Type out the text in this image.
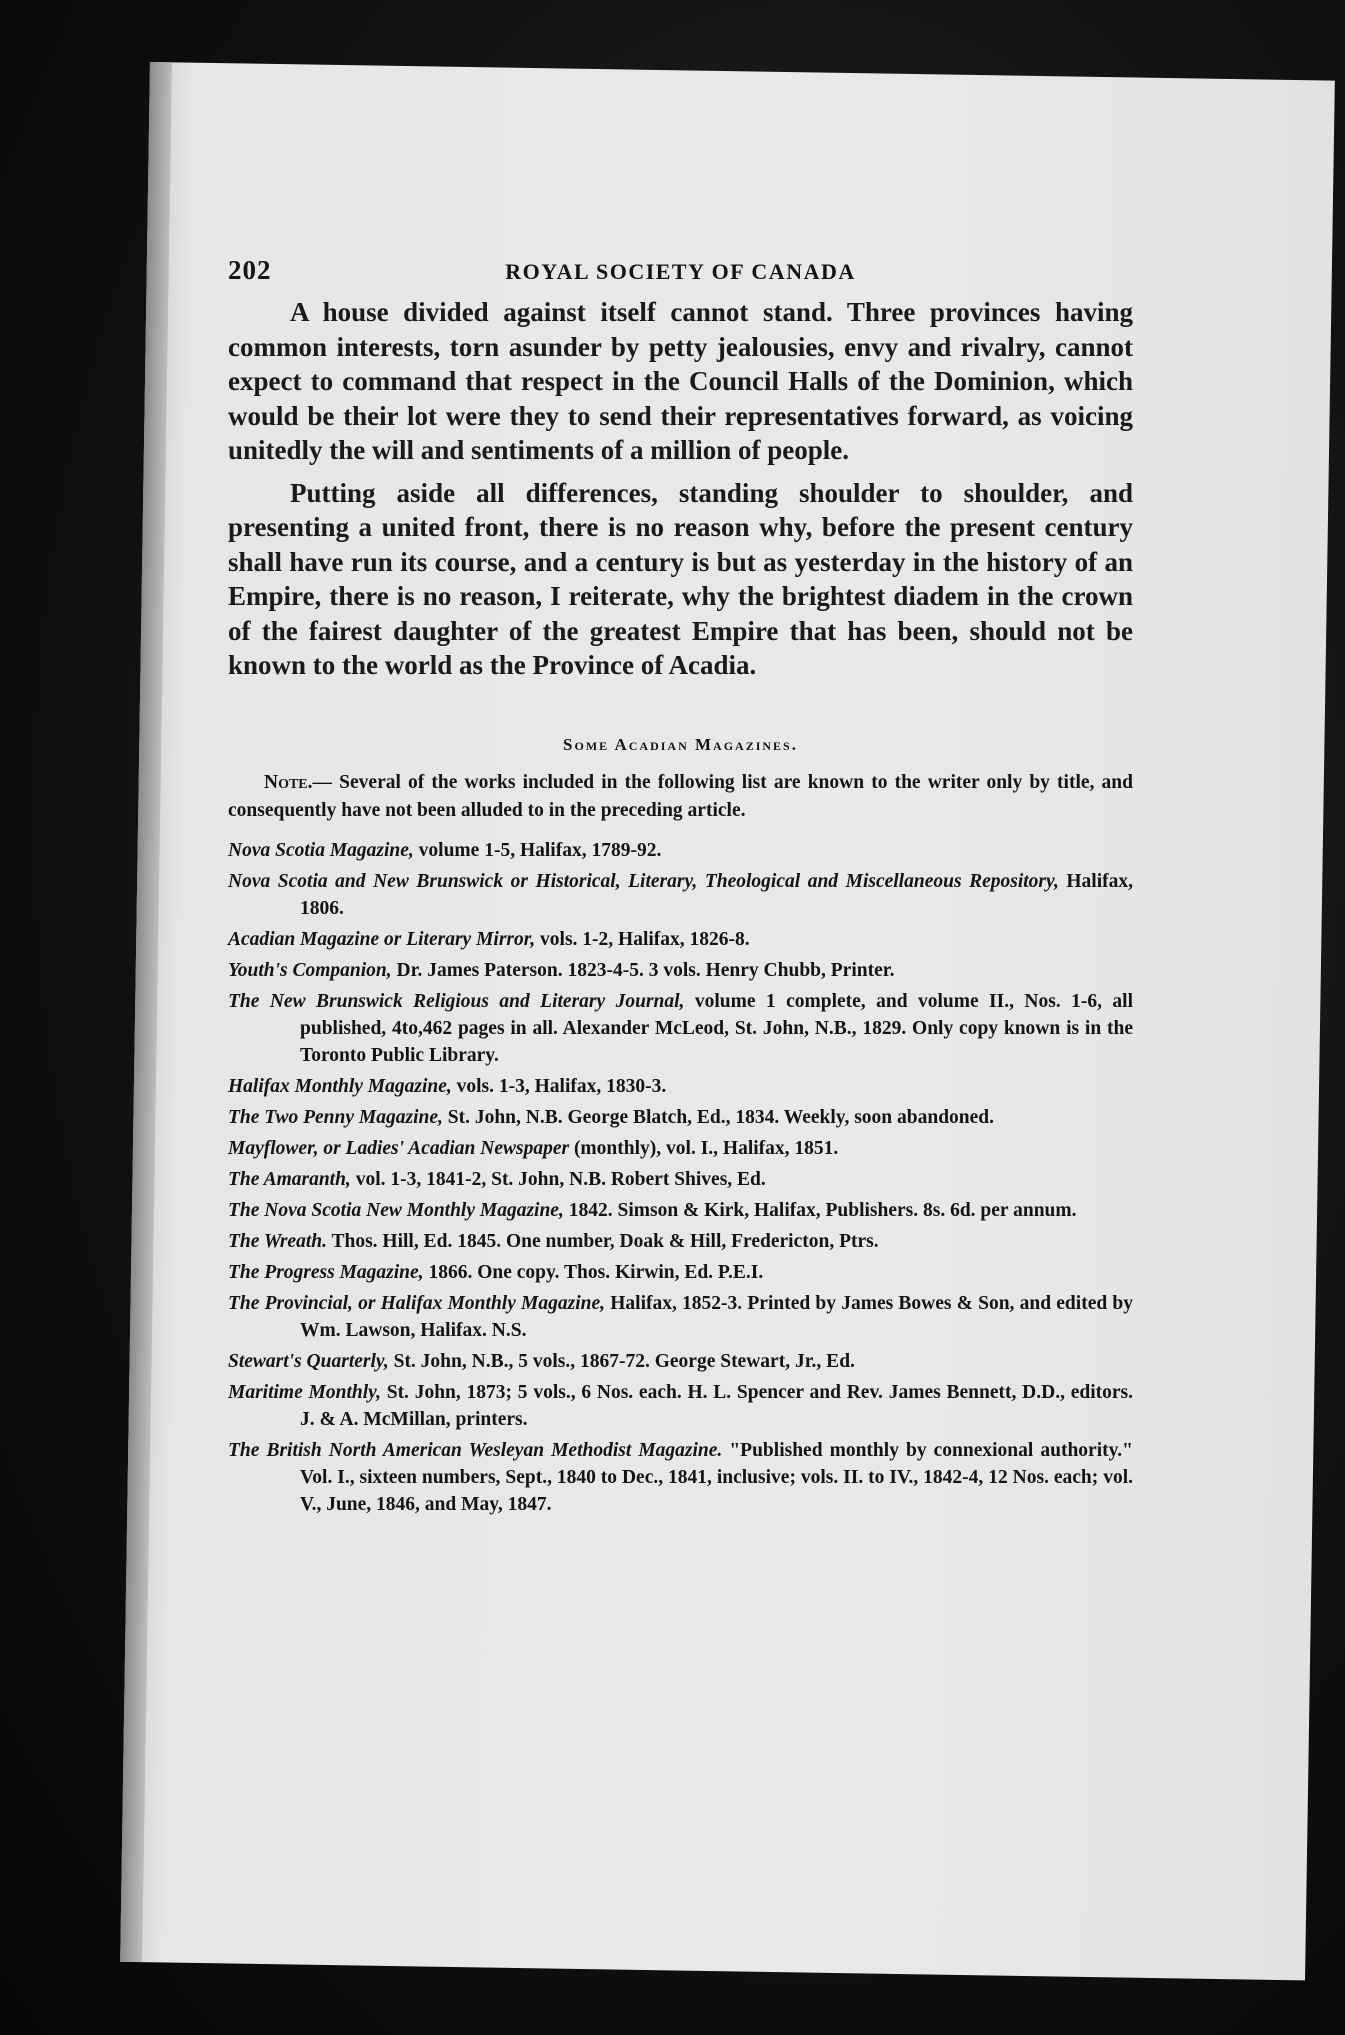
202	ROYAL SOCIETY OF CANADA

A house divided against itself cannot stand. Three provinces having common interests, torn asunder by petty jealousies, envy and rivalry, cannot expect to command that respect in the Council Halls of the Dominion, which would be their lot were they to send their representatives forward, as voicing unitedly the will and sentiments of a million of people.

Putting aside all differences, standing shoulder to shoulder, and presenting a united front, there is no reason why, before the present century shall have run its course, and a century is but as yesterday in the history of an Empire, there is no reason, I reiterate, why the brightest diadem in the crown of the fairest daughter of the greatest Empire that has been, should not be known to the world as the Province of Acadia.

Some Acadian Magazines.

Note.— Several of the works included in the following list are known to the writer only by title, and consequently have not been alluded to in the preceding article.

Nova Scotia Magazine, volume 1-5, Halifax, 1789-92.
Nova Scotia and New Brunswick or Historical, Literary, Theological and Miscellaneous Repository, Halifax, 1806.
Acadian Magazine or Literary Mirror, vols. 1-2, Halifax, 1826-8.
Youth's Companion, Dr. James Paterson. 1823-4-5. 3 vols. Henry Chubb, Printer.
The New Brunswick Religious and Literary Journal, volume 1 complete, and volume II., Nos. 1-6, all published, 4to,462 pages in all. Alexander McLeod, St. John, N.B., 1829. Only copy known is in the Toronto Public Library.
Halifax Monthly Magazine, vols. 1-3, Halifax, 1830-3.
The Two Penny Magazine, St. John, N.B. George Blatch, Ed., 1834. Weekly, soon abandoned.
Mayflower, or Ladies' Acadian Newspaper (monthly), vol. I., Halifax, 1851.
The Amaranth, vol. 1-3, 1841-2, St. John, N.B. Robert Shives, Ed.
The Nova Scotia New Monthly Magazine, 1842. Simson & Kirk, Halifax, Publishers. 8s. 6d. per annum.
The Wreath. Thos. Hill, Ed. 1845. One number, Doak & Hill, Fredericton, Ptrs.
The Progress Magazine, 1866. One copy. Thos. Kirwin, Ed. P.E.I.
The Provincial, or Halifax Monthly Magazine, Halifax, 1852-3. Printed by James Bowes & Son, and edited by Wm. Lawson, Halifax. N.S.
Stewart's Quarterly, St. John, N.B., 5 vols., 1867-72. George Stewart, Jr., Ed.
Maritime Monthly, St. John, 1873; 5 vols., 6 Nos. each. H. L. Spencer and Rev. James Bennett, D.D., editors. J. & A. McMillan, printers.
The British North American Wesleyan Methodist Magazine. "Published monthly by connexional authority." Vol. I., sixteen numbers, Sept., 1840 to Dec., 1841, inclusive; vols. II. to IV., 1842-4, 12 Nos. each; vol. V., June, 1846, and May, 1847.
